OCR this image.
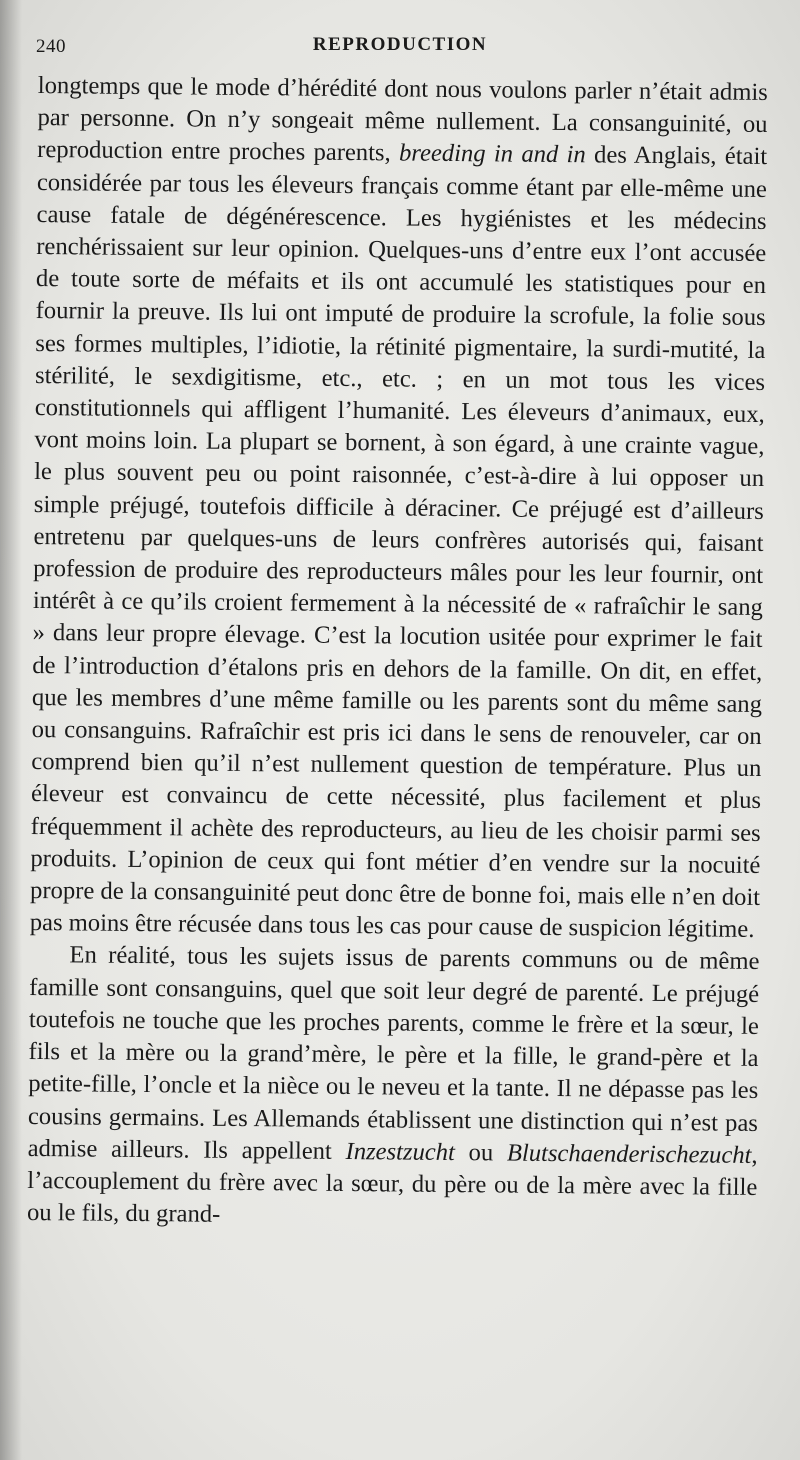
240	REPRODUCTION

longtemps que le mode d’hérédité dont nous voulons parler n’était admis par personne. On n’y songeait même nullement. La consanguinité, ou reproduction entre proches parents, breeding in and in des Anglais, était considérée par tous les éleveurs français comme étant par elle-même une cause fatale de dégénérescence. Les hygiénistes et les médecins renchérissaient sur leur opinion. Quelques-uns d’entre eux l’ont accusée de toute sorte de méfaits et ils ont accumulé les statistiques pour en fournir la preuve. Ils lui ont imputé de produire la scrofule, la folie sous ses formes multiples, l’idiotie, la rétinité pigmentaire, la surdi-mutité, la stérilité, le sexdigitisme, etc., etc. ; en un mot tous les vices constitutionnels qui affligent l’humanité. Les éleveurs d’animaux, eux, vont moins loin. La plupart se bornent, à son égard, à une crainte vague, le plus souvent peu ou point raisonnée, c’est-à-dire à lui opposer un simple préjugé, toutefois difficile à déraciner. Ce préjugé est d’ailleurs entretenu par quelques-uns de leurs confrères autorisés qui, faisant profession de produire des reproducteurs mâles pour les leur fournir, ont intérêt à ce qu’ils croient fermement à la nécessité de « rafraîchir le sang » dans leur propre élevage. C’est la locution usitée pour exprimer le fait de l’introduction d’étalons pris en dehors de la famille. On dit, en effet, que les membres d’une même famille ou les parents sont du même sang ou consanguins. Rafraîchir est pris ici dans le sens de renouveler, car on comprend bien qu’il n’est nullement question de température. Plus un éleveur est convaincu de cette nécessité, plus facilement et plus fréquemment il achète des reproducteurs, au lieu de les choisir parmi ses produits. L’opinion de ceux qui font métier d’en vendre sur la nocuité propre de la consanguinité peut donc être de bonne foi, mais elle n’en doit pas moins être récusée dans tous les cas pour cause de suspicion légitime.

En réalité, tous les sujets issus de parents communs ou de même famille sont consanguins, quel que soit leur degré de parenté. Le préjugé toutefois ne touche que les proches parents, comme le frère et la sœur, le fils et la mère ou la grand’mère, le père et la fille, le grand-père et la petite-fille, l’oncle et la nièce ou le neveu et la tante. Il ne dépasse pas les cousins germains. Les Allemands établissent une distinction qui n’est pas admise ailleurs. Ils appellent Inzestzucht ou Blutschaenderischezucht, l’accouplement du frère avec la sœur, du père ou de la mère avec la fille ou le fils, du grand-
